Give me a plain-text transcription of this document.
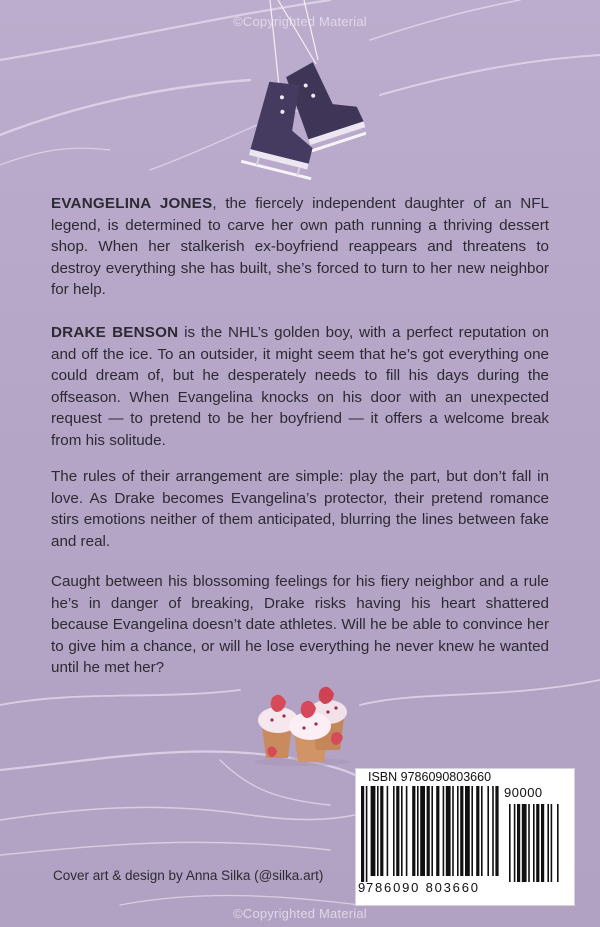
©Copyrighted Material
EVANGELINA JONES, the fiercely independent daughter of an NFL legend, is determined to carve her own path running a thriving dessert shop. When her stalkerish ex-boyfriend reappears and threatens to destroy everything she has built, she’s forced to turn to her new neighbor for help.
DRAKE BENSON is the NHL’s golden boy, with a perfect reputation on and off the ice. To an outsider, it might seem that he’s got everything one could dream of, but he desperately needs to fill his days during the offseason. When Evangelina knocks on his door with an unexpected request — to pretend to be her boyfriend — it offers a welcome break from his solitude.
The rules of their arrangement are simple: play the part, but don’t fall in love. As Drake becomes Evangelina’s protector, their pretend romance stirs emotions neither of them anticipated, blurring the lines between fake and real.
Caught between his blossoming feelings for his fiery neighbor and a rule he’s in danger of breaking, Drake risks having his heart shattered because Evangelina doesn’t date athletes. Will he be able to convince her to give him a chance, or will he lose everything he never knew he wanted until he met her?
Cover art & design by Anna Silka (@silka.art)
ISBN 9786090803660
90000
9 786090 803660
©Copyrighted Material
